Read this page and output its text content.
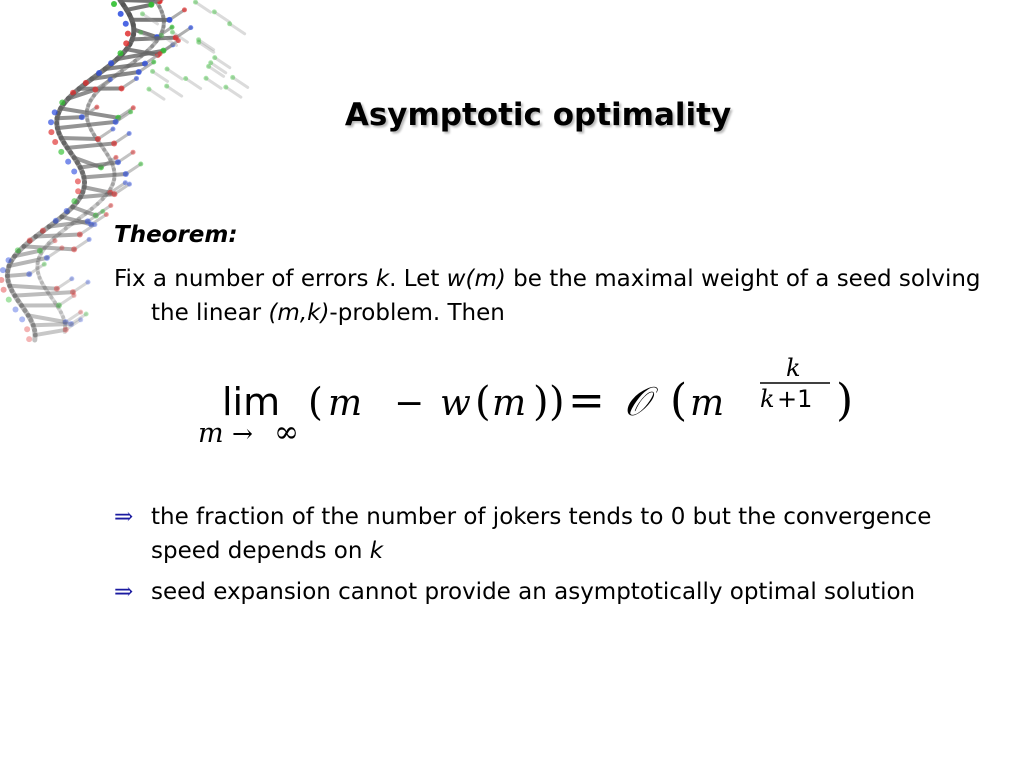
Asymptotic optimality
Theorem:
Fix a number of errors k. Let w(m) be the maximal weight of a seed solving the linear (m,k)-problem. Then
lim
m → ∞
( m − w ( m ) ) = 𝒪 ( m
k
k +1 )
⇒ the fraction of the number of jokers tends to 0 but the convergence speed depends on k
⇒ seed expansion cannot provide an asymptotically optimal solution
